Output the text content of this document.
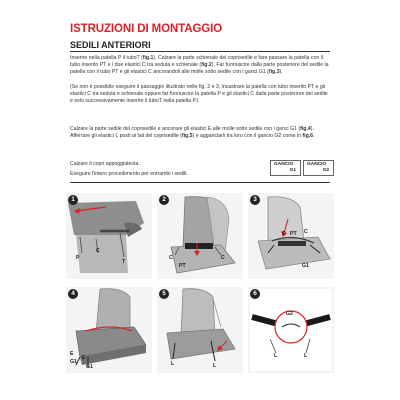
ISTRUZIONI DI MONTAGGIO
SEDILI ANTERIORI
Inserire nella patella P il tuboT (fig.1). Calzare la parte schienale del coprisedile e fare passare la patella con il tubo inserito PT e i due elastici C tra seduta e schienale (fig.2). Far fuoriuscire dalla parte posteriore del sedile la patella con il tubo PT e gli elastici C ancorandoli alle molle sotto sedile con i ganci G1 (fig.3).
(Se non è possibile eseguire il passaggio illustrato nelle fig. 2 e 3, incastrare la patella con tubo inserito PT e gli elastici C tra seduta e schienale oppure far fuoriuscire la patella P e gli elastici C dalla parte posteriore del sedile e solo successivamente inserire il tuboT nella patella P.)
Calzare la parte sedile del coprisedile e ancorare gli elastici E alle molle sotto sedile con i ganci G1 (fig.4). Afferrare gli elastici L posti ai lati del coprisedile (fig.5) e agganciarli tra loro con il gancio G2 come in fig.6.
Calzare il copri appoggiatesta.
Eseguire l'intero procedimento per entrambi i sedili.
GANCIO
G1
GANCIO
G2
1
P
C
T
2
C
PT
C
3
C PT C
G1
4
E
G1
E
G1
5
L	L
6
G2
L	L
